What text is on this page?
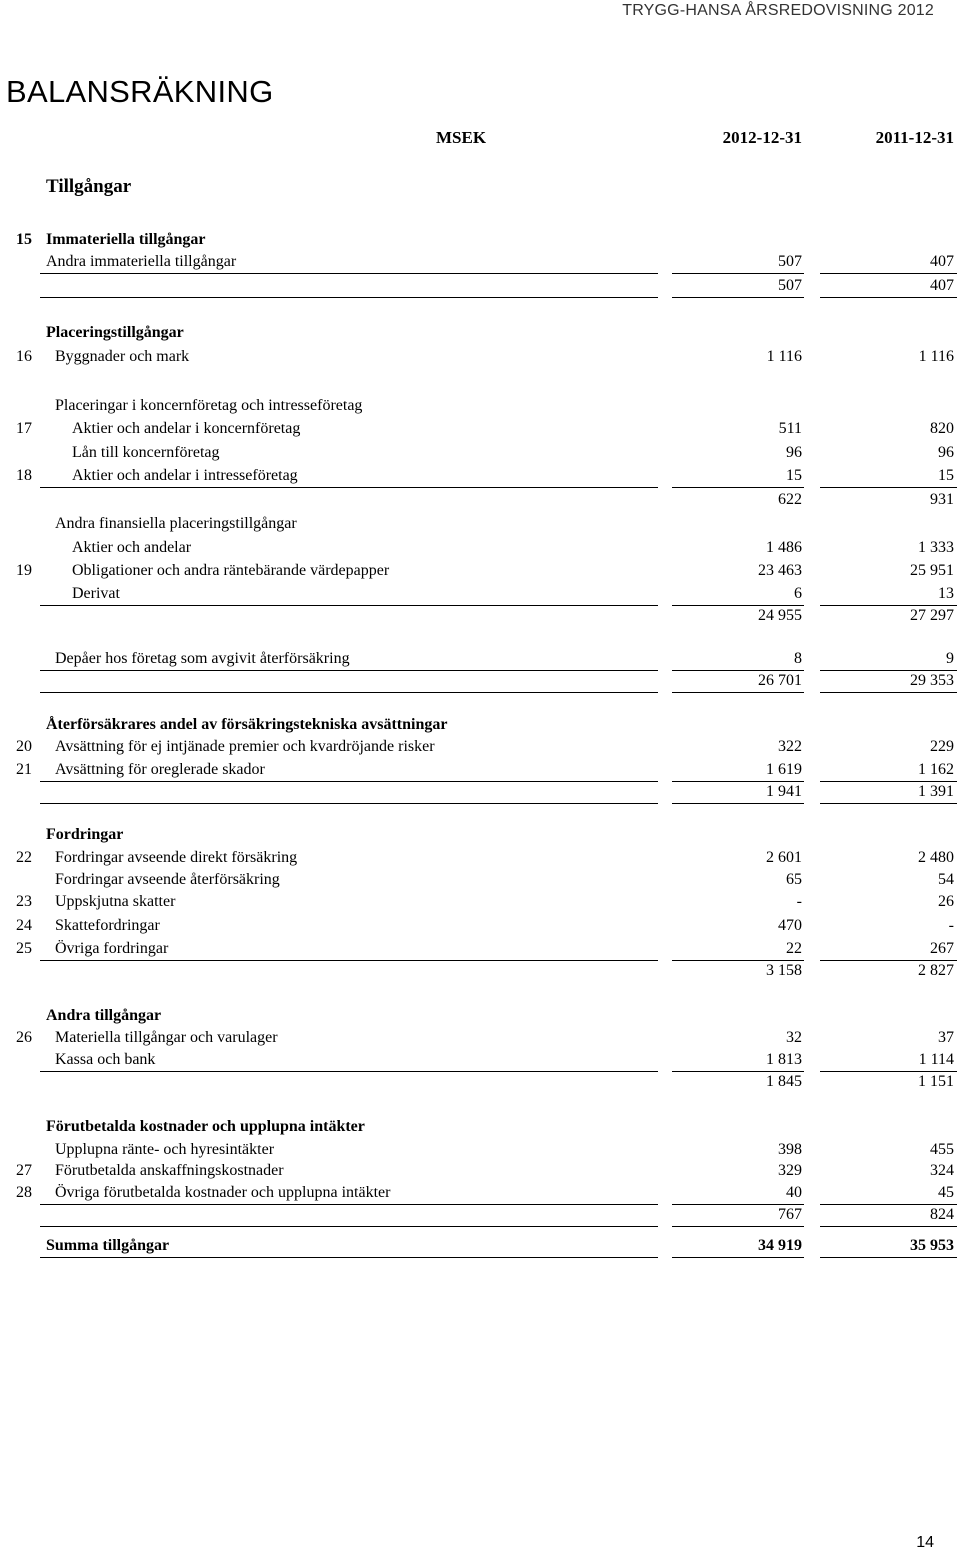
TRYGG-HANSA ÅRSREDOVISNING 2012
BALANSRÄKNING
MSEK	2012-12-31	2011-12-31
Tillgångar
15 Immateriella tillgångar
Andra immateriella tillgångar	507	407
507	407
Placeringstillgångar
16 Byggnader och mark	1 116	1 116
Placeringar i koncernföretag och intresseföretag
17	Aktier och andelar i koncernföretag	511	820
Lån till koncernföretag	96	96
18	Aktier och andelar i intresseföretag	15	15
622	931
Andra finansiella placeringstillgångar
Aktier och andelar	1 486	1 333
19	Obligationer och andra räntebärande värdepapper	23 463	25 951
Derivat	6	13
24 955	27 297
Depåer hos företag som avgivit återförsäkring	8	9
26 701	29 353
Återförsäkrares andel av försäkringstekniska avsättningar
20 Avsättning för ej intjänade premier och kvardröjande risker	322	229
21 Avsättning för oreglerade skador	1 619	1 162
1 941	1 391
Fordringar
22 Fordringar avseende direkt försäkring	2 601	2 480
Fordringar avseende återförsäkring	65	54
23 Uppskjutna skatter	-	26
24 Skattefordringar	470	-
25 Övriga fordringar	22	267
3 158	2 827
Andra tillgångar
26 Materiella tillgångar och varulager	32	37
Kassa och bank	1 813	1 114
1 845	1 151
Förutbetalda kostnader och upplupna intäkter
Upplupna ränte- och hyresintäkter	398	455
27 Förutbetalda anskaffningskostnader	329	324
28 Övriga förutbetalda kostnader och upplupna intäkter	40	45
767	824
Summa tillgångar	34 919	35 953
14
